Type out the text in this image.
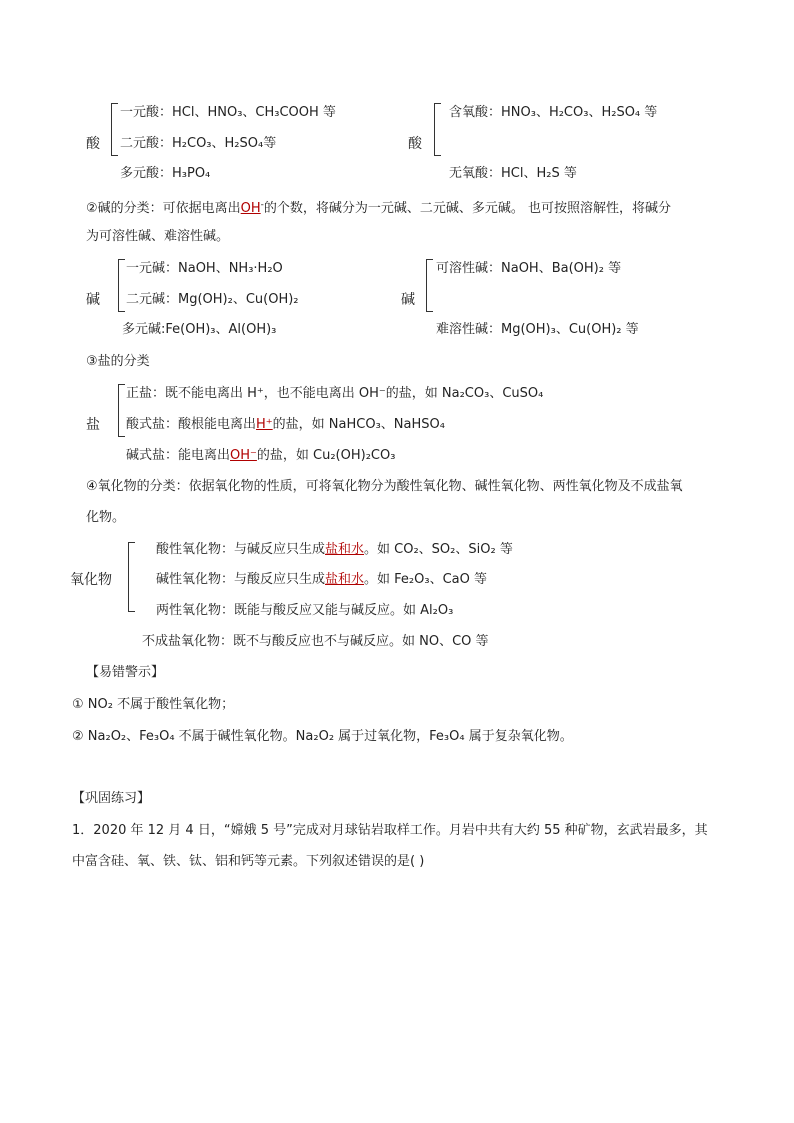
酸
一元酸：HCl、HNO₃、CH₃COOH 等
二元酸：H₂CO₃、H₂SO₄等
多元酸：H₃PO₄
酸
含氧酸：HNO₃、H₂CO₃、H₂SO₄ 等
无氧酸：HCl、H₂S 等
②碱的分类：可依据电离出OH-的个数，将碱分为一元碱、二元碱、多元碱。 也可按照溶解性，将碱分
为可溶性碱、难溶性碱。
碱
一元碱：NaOH、NH₃·H₂O
二元碱：Mg(OH)₂、Cu(OH)₂
多元碱:Fe(OH)₃、Al(OH)₃
碱
可溶性碱：NaOH、Ba(OH)₂ 等
难溶性碱：Mg(OH)₃、Cu(OH)₂ 等
③盐的分类
盐
正盐：既不能电离出 H⁺，也不能电离出 OH⁻的盐，如 Na₂CO₃、CuSO₄
酸式盐：酸根能电离出H⁺的盐，如 NaHCO₃、NaHSO₄
碱式盐：能电离出OH⁻的盐，如 Cu₂(OH)₂CO₃
④氧化物的分类：依据氧化物的性质，可将氧化物分为酸性氧化物、碱性氧化物、两性氧化物及不成盐氧
化物。
氧化物
酸性氧化物：与碱反应只生成盐和水。如 CO₂、SO₂、SiO₂ 等
碱性氧化物：与酸反应只生成盐和水。如 Fe₂O₃、CaO 等
两性氧化物：既能与酸反应又能与碱反应。如 Al₂O₃
不成盐氧化物：既不与酸反应也不与碱反应。如 NO、CO 等
【易错警示】
① NO₂ 不属于酸性氧化物；
② Na₂O₂、Fe₃O₄ 不属于碱性氧化物。Na₂O₂ 属于过氧化物，Fe₃O₄ 属于复杂氧化物。
【巩固练习】
1．2020 年 12 月 4 日，“嫦娥 5 号”完成对月球钻岩取样工作。月岩中共有大约 55 种矿物，玄武岩最多，其
中富含硅、氧、铁、钛、铝和钙等元素。下列叙述错误的是( )
